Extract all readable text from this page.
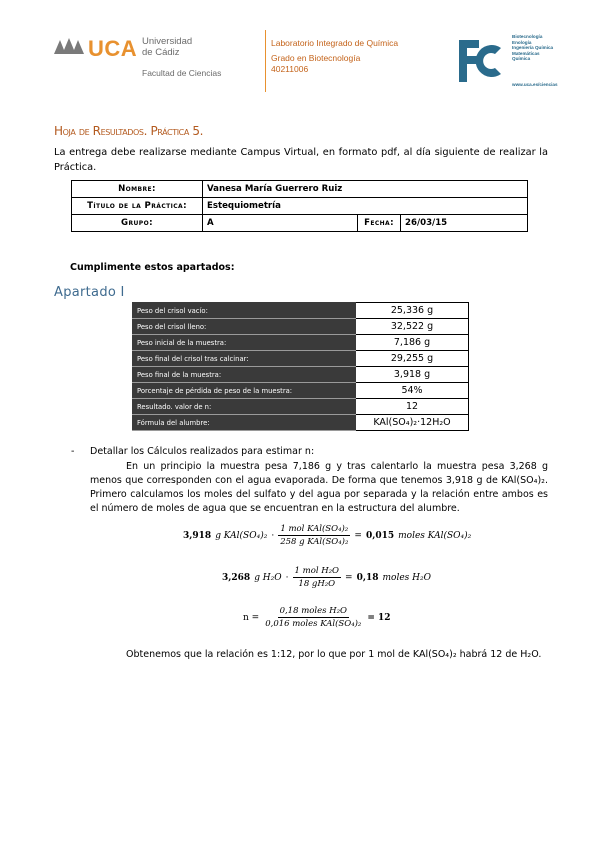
UCA Universidad de Cádiz
Facultad de Ciencias
Laboratorio Integrado de Química
Grado en Biotecnología
40211006
Biotecnología
Enología
Ingeniería Química
Matemáticas
Química
www.uca.es/ciencias
Hoja de Resultados. Práctica 5.
La entrega debe realizarse mediante Campus Virtual, en formato pdf, al día siguiente de realizar la Práctica.
Nombre:	Vanesa María Guerrero Ruiz		
Título de la Práctica:	Estequiometría		
Grupo:	A	Fecha:	26/03/15
Cumplimente estos apartados:
Apartado I
Peso del crisol vacío:	25,336 g
Peso del crisol lleno:	32,522 g
Peso inicial de la muestra:	7,186 g
Peso final del crisol tras calcinar:	29,255 g
Peso final de la muestra:	3,918 g
Porcentaje de pérdida de peso de la muestra:	54%
Resultado. valor de n:	12
Fórmula del alumbre:	KAl(SO₄)₂·12H₂O
- Detallar los Cálculos realizados para estimar n:
En un principio la muestra pesa 7,186 g y tras calentarlo la muestra pesa 3,268 g menos que corresponden con el agua evaporada. De forma que tenemos 3,918 g de KAl(SO₄)₂. Primero calculamos los moles del sulfato y del agua por separada y la relación entre ambos es el número de moles de agua que se encuentran en la estructura del alumbre.
3,918 g $KAl(SO_4)_2 \cdot \frac{\text{1 mol KAl(SO₄)₂}}{\text{258 g KAl(SO₄)₂}} = 0,015$ moles KAl(SO₄)₂
3,268 g $H_2O \cdot \frac{\text{1 mol H₂O}}{\text{18 gH₂O}} = 0,18$ moles H₂O
$n = \frac{\text{0,18 moles H₂O}}{\text{0,016 moles KAl(SO₄)₂}} = 12$
Obtenemos que la relación es 1:12, por lo que por 1 mol de KAl(SO₄)₂ habrá 12 de H₂O.
